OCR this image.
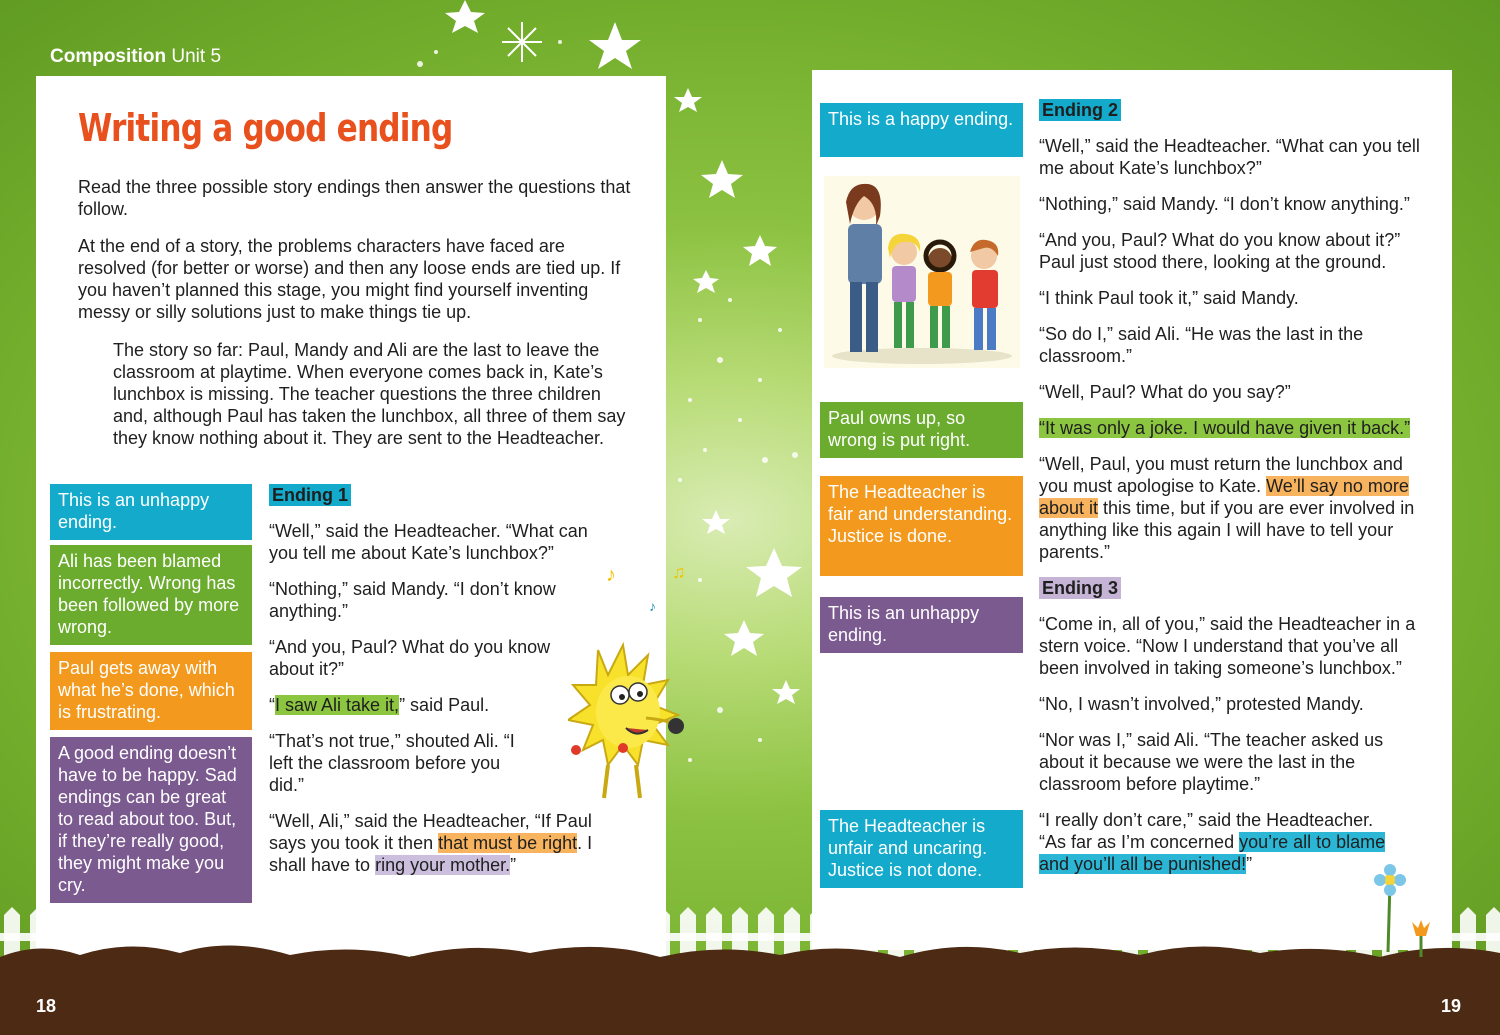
Composition Unit 5
Writing a good ending
Read the three possible story endings then answer the questions that follow.
At the end of a story, the problems characters have faced are resolved (for better or worse) and then any loose ends are tied up. If you haven’t planned this stage, you might find yourself inventing messy or silly solutions just to make things tie up.
The story so far: Paul, Mandy and Ali are the last to leave the classroom at playtime. When everyone comes back in, Kate’s lunchbox is missing. The teacher questions the three children and, although Paul has taken the lunchbox, all three of them say they know nothing about it. They are sent to the Headteacher.
This is an unhappy ending.
Ali has been blamed incorrectly. Wrong has been followed by more wrong.
Paul gets away with what he’s done, which is frustrating.
A good ending doesn’t have to be happy. Sad endings can be great to read about too. But, if they’re really good, they might make you cry.

Ending 1

“Well,” said the Headteacher. “What can you tell me about Kate’s lunchbox?”

“Nothing,” said Mandy. “I don’t know anything.”

“And you, Paul? What do you know about it?”

“I saw Ali take it,” said Paul.

“That’s not true,” shouted Ali. “I left the classroom before you did.”

“Well, Ali,” said the Headteacher, “If Paul says you took it then that must be right. I shall have to ring your mother.”

♪	♫
♪
This is a happy ending.
Paul owns up, so wrong is put right.
The Headteacher is fair and understanding. Justice is done.
This is an unhappy ending.
The Headteacher is unfair and uncaring. Justice is not done.

Ending 2

“Well,” said the Headteacher. “What can you tell me about Kate’s lunchbox?”

“Nothing,” said Mandy. “I don’t know anything.”

“And you, Paul? What do you know about it?” Paul just stood there, looking at the ground.

“I think Paul took it,” said Mandy.

“So do I,” said Ali. “He was the last in the classroom.”

“Well, Paul? What do you say?”

“It was only a joke. I would have given it back.”

“Well, Paul, you must return the lunchbox and you must apologise to Kate. We’ll say no more about it this time, but if you are ever involved in anything like this again I will have to tell your parents.”

Ending 3

“Come in, all of you,” said the Headteacher in a stern voice. “Now I understand that you’ve all been involved in taking someone’s lunchbox.”

“No, I wasn’t involved,” protested Mandy.

“Nor was I,” said Ali. “The teacher asked us about it because we were the last in the classroom before playtime.”

“I really don’t care,” said the Headteacher. “As far as I’m concerned you’re all to blame and you’ll all be punished!”

18	19
